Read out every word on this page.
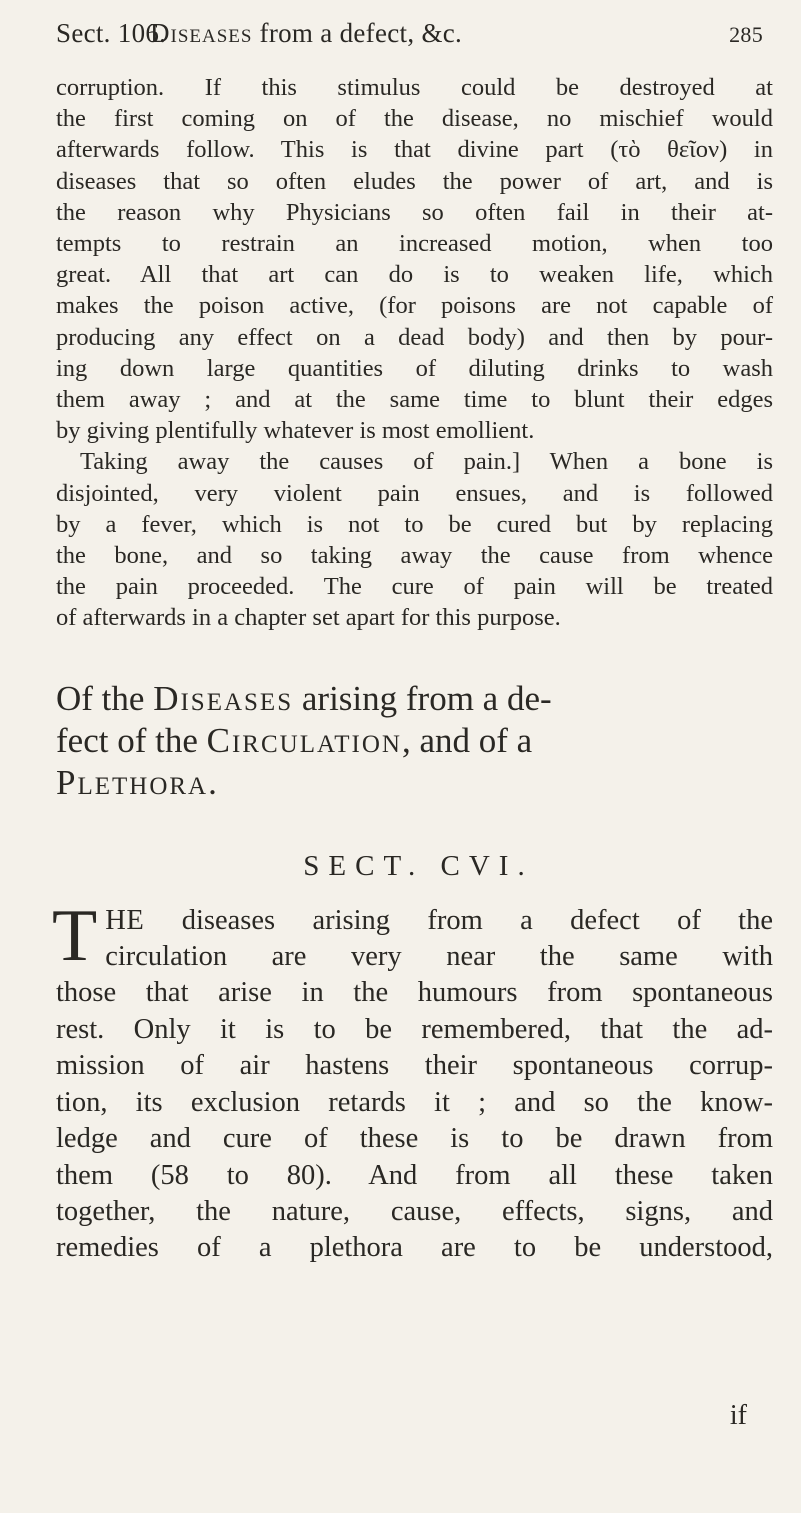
Sect. 106.
Diseases from a defect, &c.	285

corruption. If this stimulus could be destroyed at

the first coming on of the disease, no mischief would

afterwards follow. This is that divine part (τὸ θεῖον) in

diseases that so often eludes the power of art, and is

the reason why Physicians so often fail in their at-

tempts to restrain an increased motion, when too

great. All that art can do is to weaken life, which

makes the poison active, (for poisons are not capable of

producing any effect on a dead body) and then by pour-

ing down large quantities of diluting drinks to wash

them away ; and at the same time to blunt their edges

by giving plentifully whatever is most emollient.

Taking away the causes of pain.] When a bone is

disjointed, very violent pain ensues, and is followed

by a fever, which is not to be cured but by replacing

the bone, and so taking away the cause from whence

the pain proceeded. The cure of pain will be treated

of afterwards in a chapter set apart for this purpose.

Of the Diseases arising from a de-

fect of the Circulation, and of a

Plethora.

SECT. CVI.
T HE diseases arising from a defect of the

circulation are very near the same with

those that arise in the humours from spontaneous

rest. Only it is to be remembered, that the ad-

mission of air hastens their spontaneous corrup-

tion, its exclusion retards it ; and so the know-

ledge and cure of these is to be drawn from

them (58 to 80). And from all these taken

together, the nature, cause, effects, signs, and

remedies of a plethora are to be understood,

if
